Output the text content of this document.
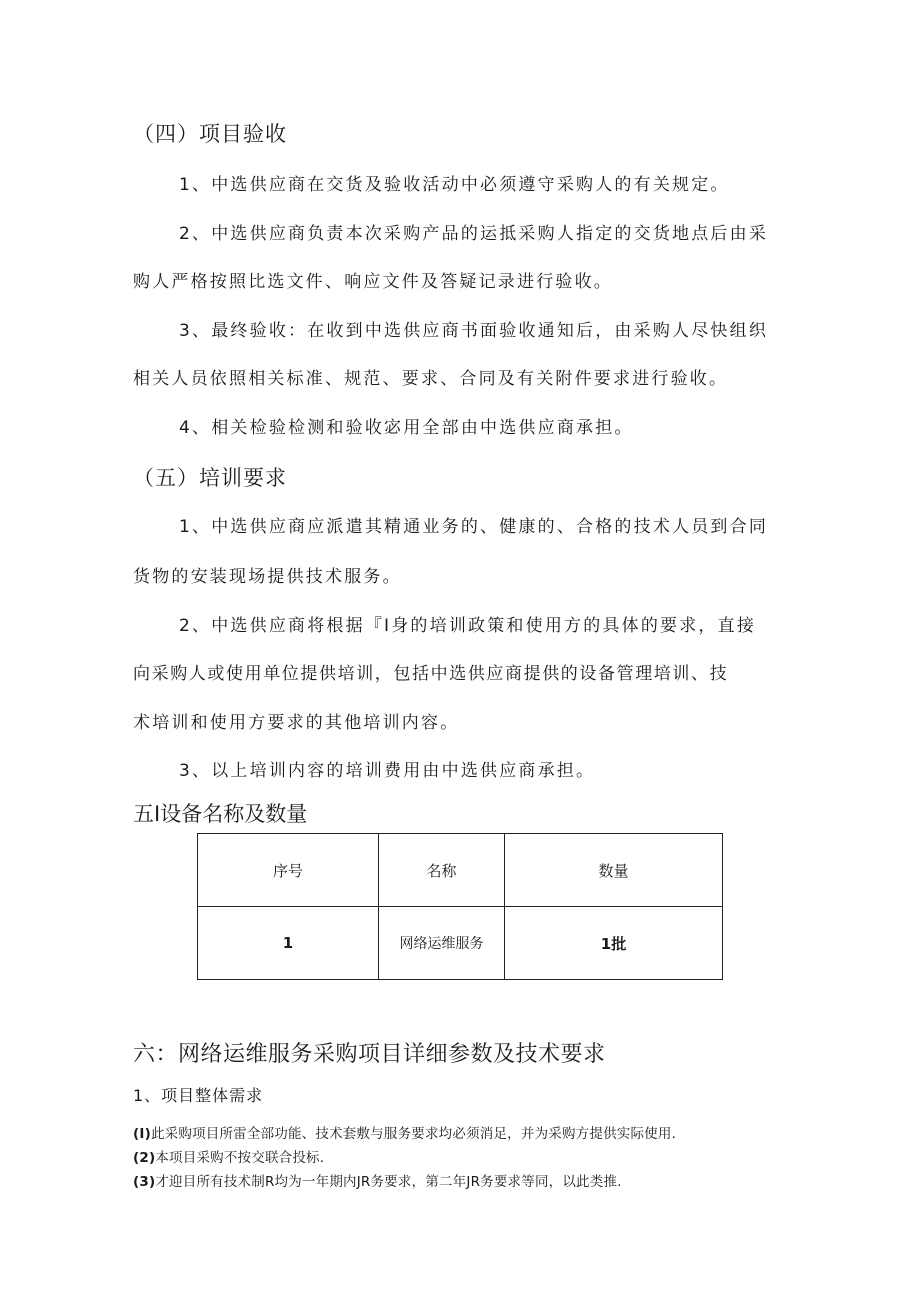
（四）项目验收
1、中选供应商在交货及验收活动中必须遵守采购人的有关规定。
2、中选供应商负责本次采购产品的运抵采购人指定的交货地点后由采
购人严格按照比选文件、响应文件及答疑记录进行验收。
3、最终验收：在收到中选供应商书面验收通知后，由采购人尽快组织
相关人员依照相关标准、规范、要求、合同及有关附件要求进行验收。
4、相关检验检测和验收宓用全部由中选供应商承担。
（五）培训要求
1、中选供应商应派遣其精通业务的、健康的、合格的技术人员到合同
货物的安装现场提供技术服务。
2、中选供应商将根据『I身的培训政策和使用方的具体的要求，直接
向采购人或使用单位提供培训，包括中选供应商提供的设备管理培训、技
术培训和使用方要求的其他培训内容。
3、以上培训内容的培训费用由中选供应商承担。
五I设备名称及数量
序号	名称	数量
1	网络运维服务	1批
六：网络运维服务采购项目详细参数及技术要求
1、项目整体需求
(I)此采购项目所雷全部功能、技术套敷与服务要求均必须消足，并为采购方提供实际使用.
(2)本项目采购不按交联合投标.
(3)才迎目所有技术制R均为一年期内JR务要求，第二年JR务要求等同，以此类推.
